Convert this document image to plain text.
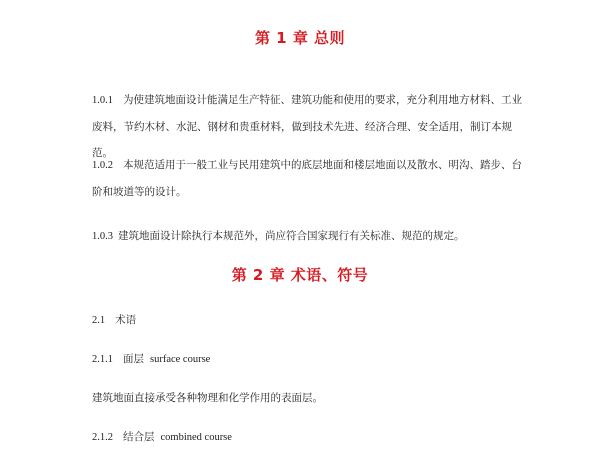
第 1 章 总则
1.0.1 为使建筑地面设计能满足生产特征、建筑功能和使用的要求，充分利用地方材料、工业废料，节约木材、水泥、钢材和贵重材料，做到技术先进、经济合理、安全适用，制订本规范。
1.0.2 本规范适用于一般工业与民用建筑中的底层地面和楼层地面以及散水、明沟、踏步、台阶和坡道等的设计。
1.0.3 建筑地面设计除执行本规范外，尚应符合国家现行有关标准、规范的规定。
第 2 章 术语、符号
2.1 术语
2.1.1 面层 surface course
建筑地面直接承受各种物理和化学作用的表面层。
2.1.2 结合层 combined course
